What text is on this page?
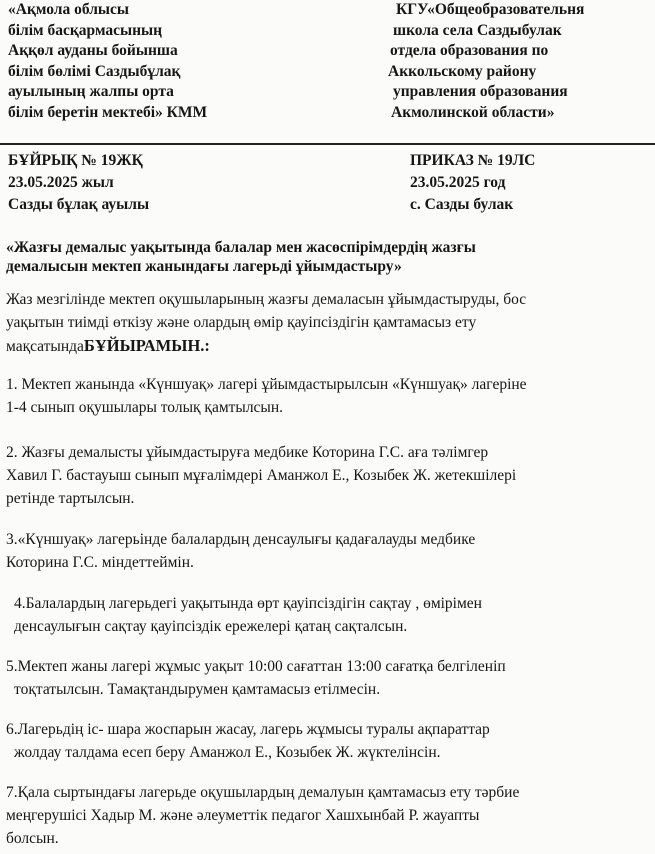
«Ақмола облысы
білім басқармасының
Аққөл ауданы бойынша
білім бөлімі Саздыбұлақ
ауылының жалпы орта
білім беретін мектебі» КММ
КГУ«Общеобразовательня
школа села Саздыбулак
отдела образования по
Аккольскому району
управления образования
Акмолинской области»
БҰЙРЫҚ № 19ЖҚ
23.05.2025 жыл
Сазды бұлақ ауылы
ПРИКАЗ № 19ЛС
23.05.2025 год
с. Сазды булак
«Жазғы демалыс уақытында балалар мен жасөспірімдердің жазғы
демалысын мектеп жанындағы лагерьді ұйымдастыру»
Жаз мезгілінде мектеп оқушыларының жазғы демаласын ұйымдастыруды, бос
уақытын тиімді өткізу және олардың өмір қауіпсіздігін қамтамасыз ету
мақсатындаБҰЙЫРАМЫН.:
1. Мектеп жанында «Күншуақ» лагері ұйымдастырылсын «Күншуақ» лагеріне
1-4 сынып оқушылары толық қамтылсын.
2. Жазғы демалысты ұйымдастыруға медбике Которина Г.С. аға тәлімгер
Хавил Г. бастауыш сынып мұғалімдері Аманжол Е., Козыбек Ж. жетекшілері
ретінде тартылсын.
3.«Күншуақ» лагерьінде балалардың денсаулығы қадағалауды медбике
Которина Г.С. міндеттеймін.
4.Балалардың лагерьдегі уақытында өрт қауіпсіздігін сақтау , өмірімен
денсаулығын сақтау қауіпсіздік ережелері қатаң сақталсын.
5.Мектеп жаны лагері жұмыс уақыт 10:00 сағаттан 13:00 сағатқа белгіленіп
тоқтатылсын. Тамақтандырумен қамтамасыз етілмесін.
6.Лагерьдің іс- шара жоспарын жасау, лагерь жұмысы туралы ақпараттар
жолдау талдама есеп беру Аманжол Е., Козыбек Ж. жүктелінсін.
7.Қала сыртындағы лагерьде оқушылардың демалуын қамтамасыз ету тәрбие
меңгерушісі Хадыр М. және әлеуметтік педагог Хашхынбай Р. жауапты
болсын.
